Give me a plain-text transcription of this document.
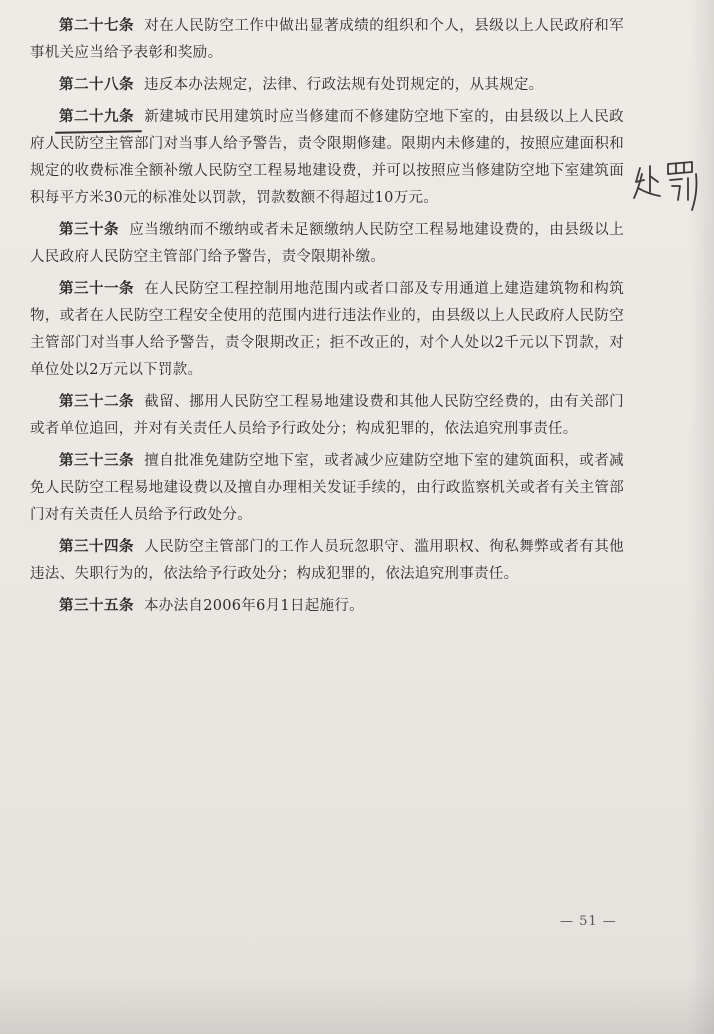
第二十七条 对在人民防空工作中做出显著成绩的组织和个人，县级以上人民政府和军事机关应当给予表彰和奖励。

第二十八条 违反本办法规定，法律、行政法规有处罚规定的，从其规定。

第二十九条 新建城市民用建筑时应当修建而不修建防空地下室的，由县级以上人民政府人民防空主管部门对当事人给予警告，责令限期修建。限期内未修建的，按照应建面积和规定的收费标准全额补缴人民防空工程易地建设费，并可以按照应当修建防空地下室建筑面积每平方米30元的标准处以罚款，罚款数额不得超过10万元。

第三十条 应当缴纳而不缴纳或者未足额缴纳人民防空工程易地建设费的，由县级以上人民政府人民防空主管部门给予警告，责令限期补缴。

第三十一条 在人民防空工程控制用地范围内或者口部及专用通道上建造建筑物和构筑物，或者在人民防空工程安全使用的范围内进行违法作业的，由县级以上人民政府人民防空主管部门对当事人给予警告，责令限期改正；拒不改正的，对个人处以2千元以下罚款，对单位处以2万元以下罚款。

第三十二条 截留、挪用人民防空工程易地建设费和其他人民防空经费的，由有关部门或者单位追回，并对有关责任人员给予行政处分；构成犯罪的，依法追究刑事责任。

第三十三条 擅自批准免建防空地下室，或者减少应建防空地下室的建筑面积，或者减免人民防空工程易地建设费以及擅自办理相关发证手续的，由行政监察机关或者有关主管部门对有关责任人员给予行政处分。

第三十四条 人民防空主管部门的工作人员玩忽职守、滥用职权、徇私舞弊或者有其他违法、失职行为的，依法给予行政处分；构成犯罪的，依法追究刑事责任。

第三十五条 本办法自2006年6月1日起施行。

— 51 —
